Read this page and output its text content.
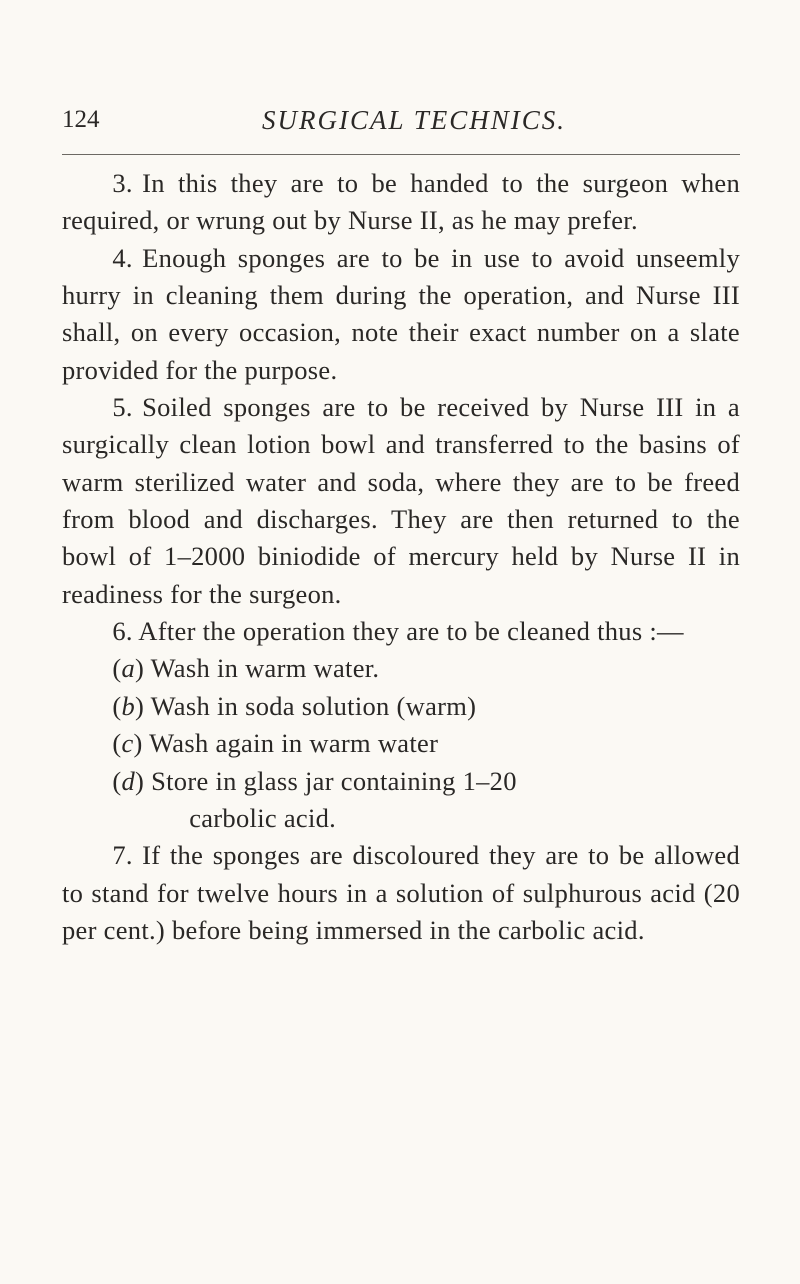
124	SURGICAL TECHNICS.

3. In this they are to be handed to the surgeon when required, or wrung out by Nurse II, as he may prefer.

4. Enough sponges are to be in use to avoid unseemly hurry in cleaning them during the operation, and Nurse III shall, on every occasion, note their exact number on a slate provided for the purpose.

5. Soiled sponges are to be received by Nurse III in a surgically clean lotion bowl and transferred to the basins of warm sterilized water and soda, where they are to be freed from blood and discharges. They are then returned to the bowl of 1–2000 biniodide of mercury held by Nurse II in readiness for the surgeon.

6. After the operation they are to be cleaned thus :—

(a) Wash in warm water.
(b) Wash in soda solution (warm)
(c) Wash again in warm water
(d) Store in glass jar containing 1–20
carbolic acid.

7. If the sponges are discoloured they are to be allowed to stand for twelve hours in a solution of sulphurous acid (20 per cent.) before being immersed in the carbolic acid.
